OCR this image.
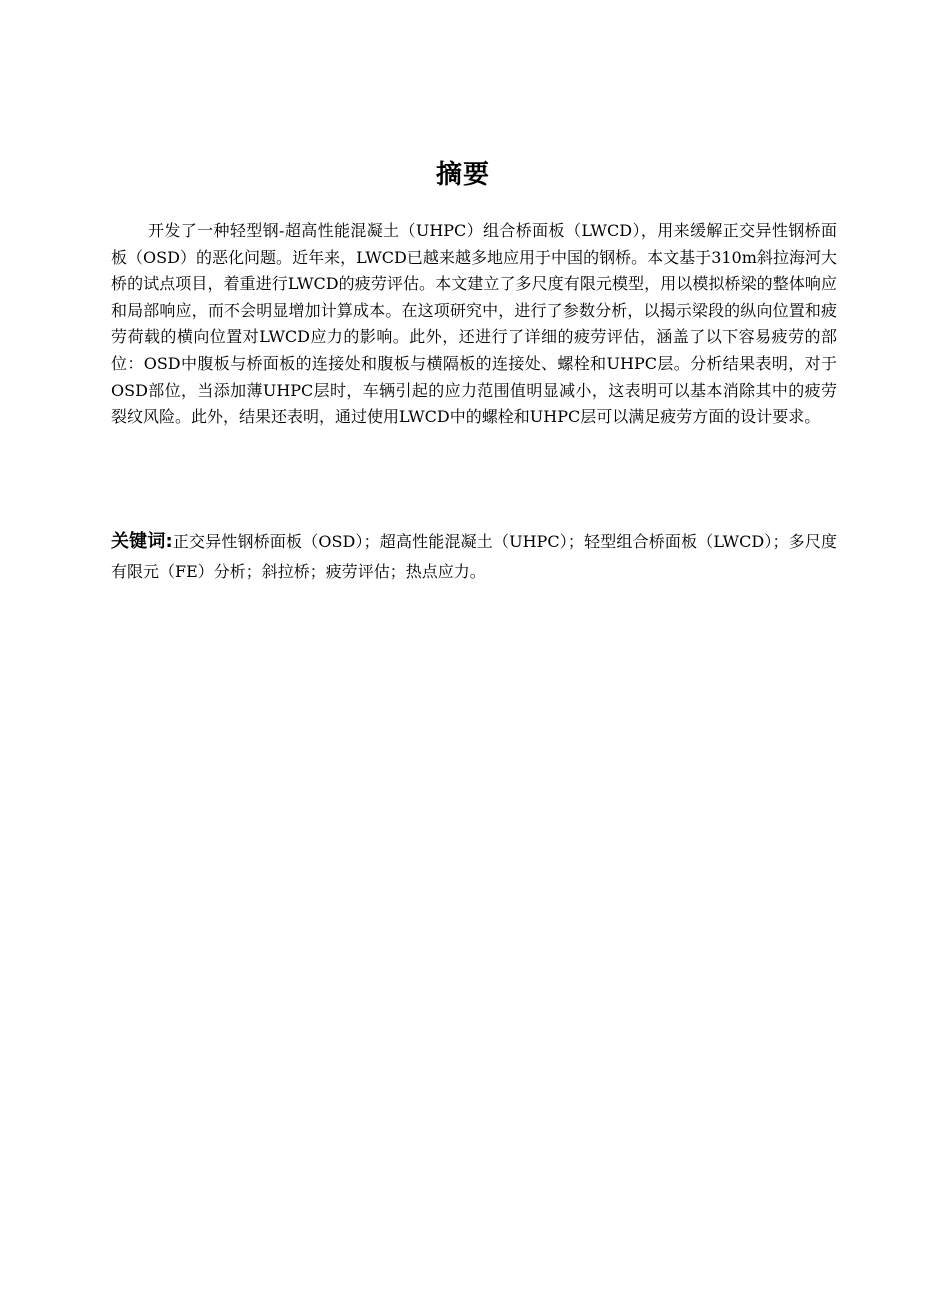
摘要

开发了一种轻型钢-超高性能混凝土（UHPC）组合桥面板（LWCD），用来缓解正交异性钢桥面板（OSD）的恶化问题。近年来，LWCD已越来越多地应用于中国的钢桥。本文基于310m斜拉海河大桥的试点项目，着重进行LWCD的疲劳评估。本文建立了多尺度有限元模型，用以模拟桥梁的整体响应和局部响应，而不会明显增加计算成本。在这项研究中，进行了参数分析，以揭示梁段的纵向位置和疲劳荷载的横向位置对LWCD应力的影响。此外，还进行了详细的疲劳评估，涵盖了以下容易疲劳的部位：OSD中腹板与桥面板的连接处和腹板与横隔板的连接处、螺栓和UHPC层。分析结果表明，对于OSD部位，当添加薄UHPC层时，车辆引起的应力范围值明显减小，这表明可以基本消除其中的疲劳裂纹风险。此外，结果还表明，通过使用LWCD中的螺栓和UHPC层可以满足疲劳方面的设计要求。

关键词:正交异性钢桥面板（OSD）；超高性能混凝土（UHPC）；轻型组合桥面板（LWCD）；多尺度有限元（FE）分析；斜拉桥；疲劳评估；热点应力。
